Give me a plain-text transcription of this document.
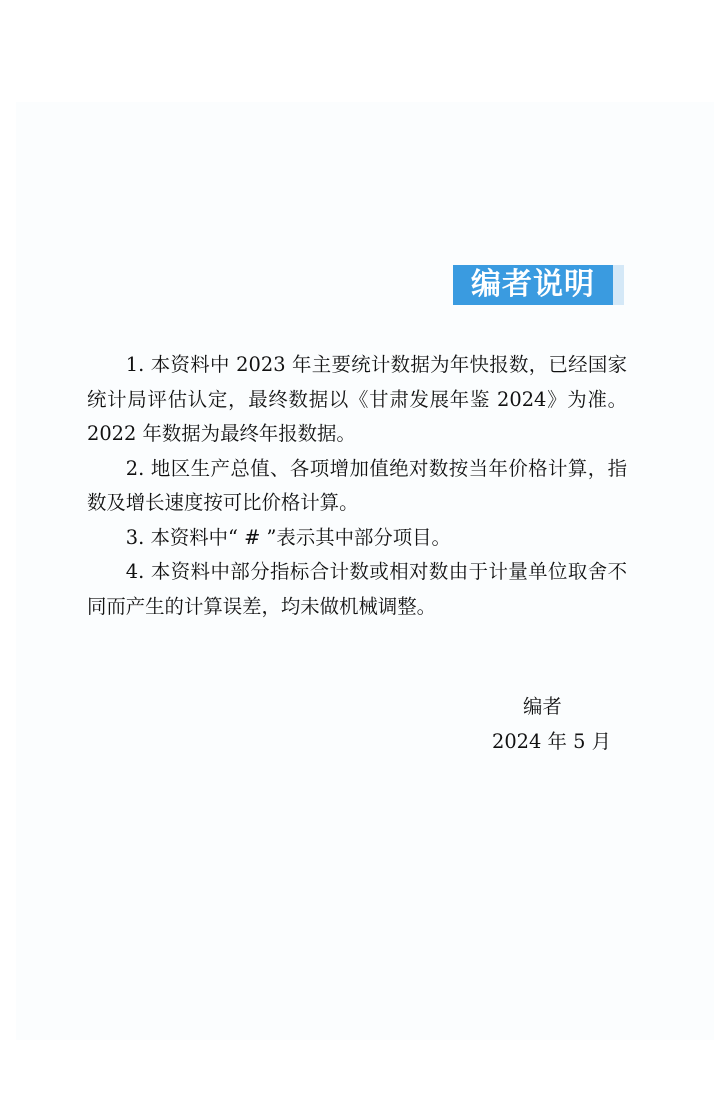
编者说明

1. 本资料中 2023 年主要统计数据为年快报数，已经国家统计局评估认定，最终数据以《甘肃发展年鉴 2024》为准。2022 年数据为最终年报数据。

2. 地区生产总值、各项增加值绝对数按当年价格计算，指数及增长速度按可比价格计算。

3. 本资料中“ # ”表示其中部分项目。

4. 本资料中部分指标合计数或相对数由于计量单位取舍不同而产生的计算误差，均未做机械调整。

编者
2024 年 5 月
